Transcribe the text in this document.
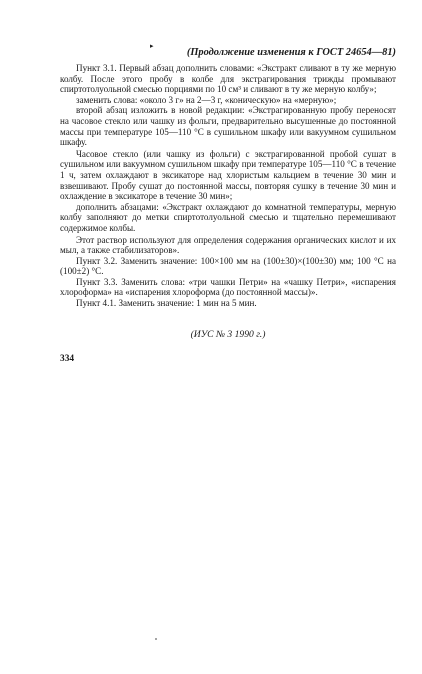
▸
(Продолжение изменения к ГОСТ 24654—81)

Пункт 3.1. Первый абзац дополнить словами: «Экстракт сливают в ту же мерную колбу. После этого пробу в колбе для экстрагирования трижды промывают спиртотолуольной смесью порциями по 10 см³ и сливают в ту же мерную колбу»;

заменить слова: «около 3 г» на 2—3 г, «коническую» на «мерную»;

второй абзац изложить в новой редакции: «Экстрагированную пробу переносят на часовое стекло или чашку из фольги, предварительно высушенные до постоянной массы при температуре 105—110 °С в сушильном шкафу или вакуумном сушильном шкафу.

Часовое стекло (или чашку из фольги) с экстрагированной пробой сушат в сушильном или вакуумном сушильном шкафу при температуре 105—110 °С в течение 1 ч, затем охлаждают в эксикаторе над хлористым кальцием в течение 30 мин и взвешивают. Пробу сушат до постоянной массы, повторяя сушку в течение 30 мин и охлаждение в эксикаторе в течение 30 мин»;

дополнить абзацами: «Экстракт охлаждают до комнатной температуры, мерную колбу заполняют до метки спиртотолуольной смесью и тщательно перемешивают содержимое колбы.

Этот раствор используют для определения содержания органических кислот и их мыл, а также стабилизаторов».

Пункт 3.2. Заменить значение: 100×100 мм на (100±30)×(100±30) мм; 100 °С на (100±2) °С.

Пункт 3.3. Заменить слова: «три чашки Петри» на «чашку Петри», «испарения хлороформа» на «испарения хлороформа (до постоянной массы)».

Пункт 4.1. Заменить значение: 1 мин на 5 мин.

(ИУС № 3 1990 г.)
334
